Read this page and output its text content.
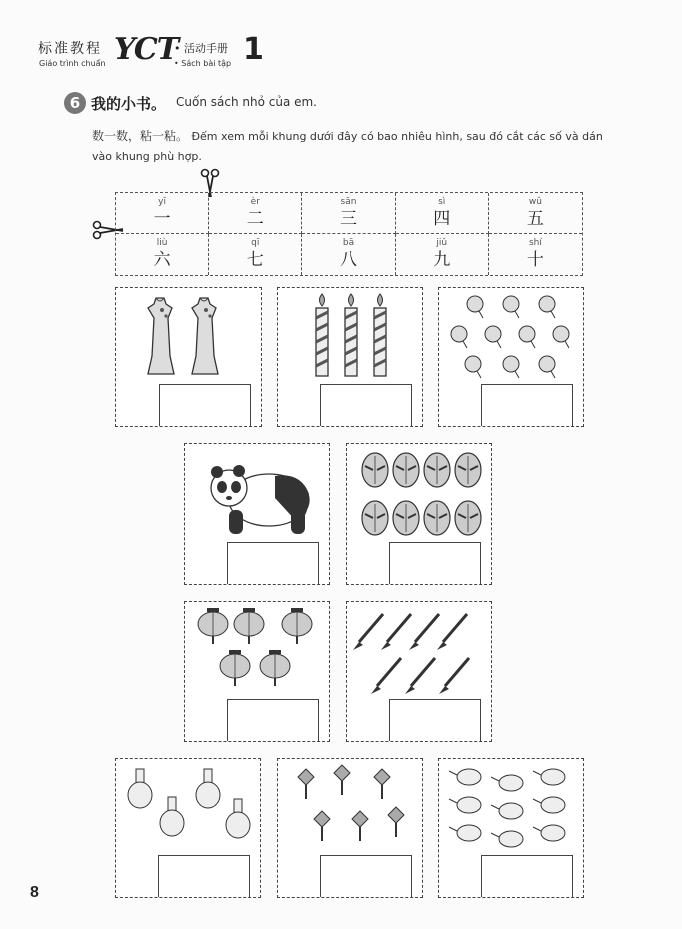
标准教程
Giáo trình chuẩn YCT
• 活动手册
• Sách bài tập 1
6 我的小书。 Cuốn sách nhỏ của em.
数一数，粘一粘。 Đếm xem mỗi khung dưới đây có bao nhiêu hình, sau đó cắt các số và dán vào khung phù hợp.
yī
一
èr
二
sān
三
sì
四
wǔ
五
liù
六
qī
七
bā
八
jiǔ
九
shí
十
8
